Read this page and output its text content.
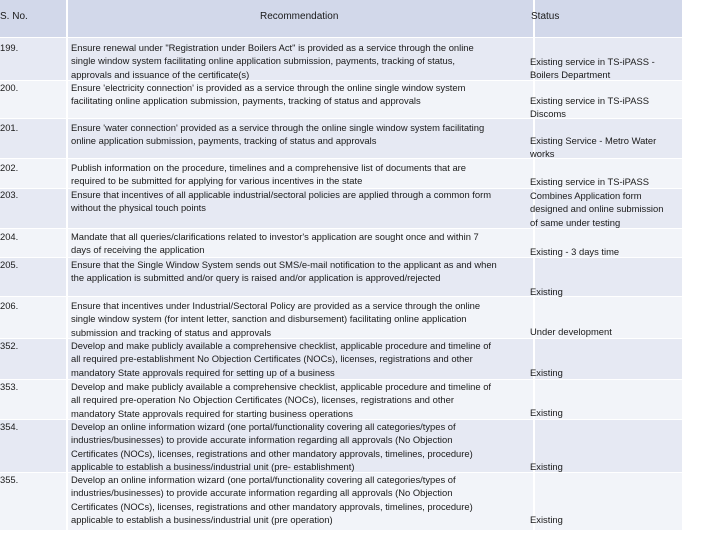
S. No.	Recommendation	Status
199.
200.
201.
202.
203.
204.
205.
206.
352.
353.
354.
355.
Ensure renewal under "Registration under Boilers Act" is provided as a service through the online
single window system facilitating online application submission, payments, tracking of status,
approvals and issuance of the certificate(s)
Ensure 'electricity connection' is provided as a service through the online single window system
facilitating online application submission, payments, tracking of status and approvals
Ensure 'water connection' provided as a service through the online single window system facilitating
online application submission, payments, tracking of status and approvals
Publish information on the procedure, timelines and a comprehensive list of documents that are
required to be submitted for applying for various incentives in the state
Ensure that incentives of all applicable industrial/sectoral policies are applied through a common form
without the physical touch points
Mandate that all queries/clarifications related to investor's application are sought once and within 7
days of receiving the application
Ensure that the Single Window System sends out SMS/e-mail notification to the applicant as and when
the application is submitted and/or query is raised and/or application is approved/rejected
Ensure that incentives under Industrial/Sectoral Policy are provided as a service through the online
single window system (for intent letter, sanction and disbursement) facilitating online application
submission and tracking of status and approvals
Develop and make publicly available a comprehensive checklist, applicable procedure and timeline of
all required pre-establishment No Objection Certificates (NOCs), licenses, registrations and other
mandatory State approvals required for setting up of a business
Develop and make publicly available a comprehensive checklist, applicable procedure and timeline of
all required pre-operation No Objection Certificates (NOCs), licenses, registrations and other
mandatory State approvals required for starting business operations
Develop an online information wizard (one portal/functionality covering all categories/types of
industries/businesses) to provide accurate information regarding all approvals (No Objection
Certificates (NOCs), licenses, registrations and other mandatory approvals, timelines, procedure)
applicable to establish a business/industrial unit (pre- establishment)
Develop an online information wizard (one portal/functionality covering all categories/types of
industries/businesses) to provide accurate information regarding all approvals (No Objection
Certificates (NOCs), licenses, registrations and other mandatory approvals, timelines, procedure)
applicable to establish a business/industrial unit (pre operation)
Existing service in TS-iPASS -
Boilers Department
Existing service in TS-iPASS
Discoms
Existing Service - Metro Water
works
Existing service in TS-iPASS
Combines Application form
designed and online submission
of same under testing
Existing - 3 days time
Existing
Under development
Existing
Existing
Existing
Existing
